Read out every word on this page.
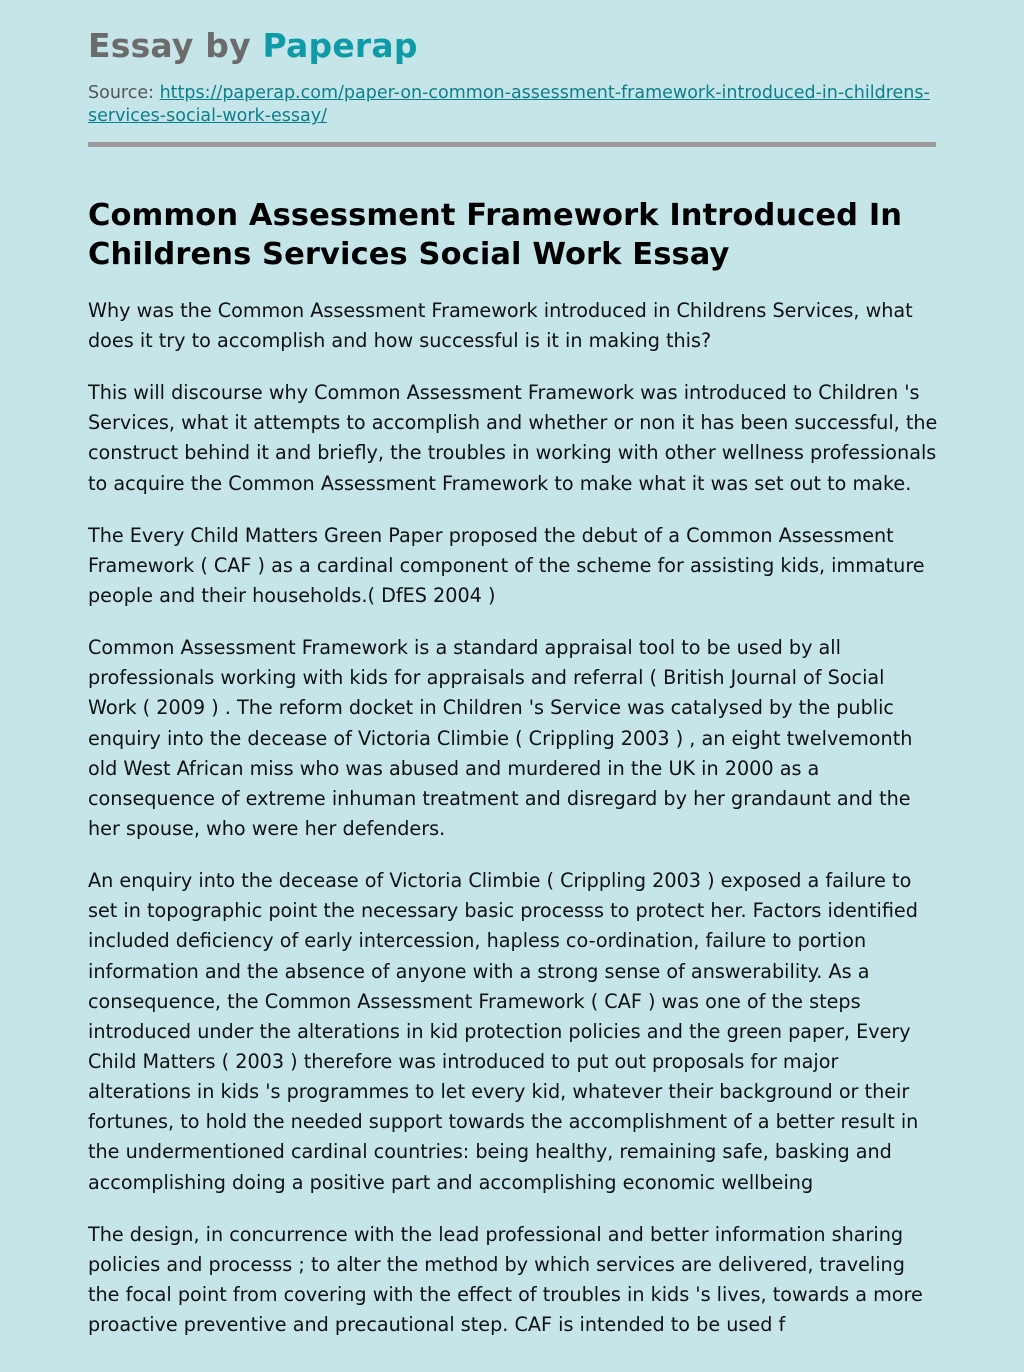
Essay by Paperap
Source: https://paperap.com/paper-on-common-assessment-framework-introduced-in-childrens-services-social-work-essay/
Common Assessment Framework Introduced In Childrens Services Social Work Essay

Why was the Common Assessment Framework introduced in Childrens Services, what does it try to accomplish and how successful is it in making this?

This will discourse why Common Assessment Framework was introduced to Children 's Services, what it attempts to accomplish and whether or non it has been successful, the construct behind it and briefly, the troubles in working with other wellness professionals to acquire the Common Assessment Framework to make what it was set out to make.

The Every Child Matters Green Paper proposed the debut of a Common Assessment Framework ( CAF ) as a cardinal component of the scheme for assisting kids, immature people and their households.( DfES 2004 )

Common Assessment Framework is a standard appraisal tool to be used by all professionals working with kids for appraisals and referral ( British Journal of Social Work ( 2009 ) . The reform docket in Children 's Service was catalysed by the public enquiry into the decease of Victoria Climbie ( Crippling 2003 ) , an eight twelvemonth old West African miss who was abused and murdered in the UK in 2000 as a consequence of extreme inhuman treatment and disregard by her grandaunt and the her spouse, who were her defenders.

An enquiry into the decease of Victoria Climbie ( Crippling 2003 ) exposed a failure to set in topographic point the necessary basic processs to protect her. Factors identified included deficiency of early intercession, hapless co-ordination, failure to portion information and the absence of anyone with a strong sense of answerability. As a consequence, the Common Assessment Framework ( CAF ) was one of the steps introduced under the alterations in kid protection policies and the green paper, Every Child Matters ( 2003 ) therefore was introduced to put out proposals for major alterations in kids 's programmes to let every kid, whatever their background or their fortunes, to hold the needed support towards the accomplishment of a better result in the undermentioned cardinal countries: being healthy, remaining safe, basking and accomplishing doing a positive part and accomplishing economic wellbeing

The design, in concurrence with the lead professional and better information sharing policies and processs ; to alter the method by which services are delivered, traveling the focal point from covering with the effect of troubles in kids 's lives, towards a more proactive preventive and precautional step. CAF is intended to be used f
